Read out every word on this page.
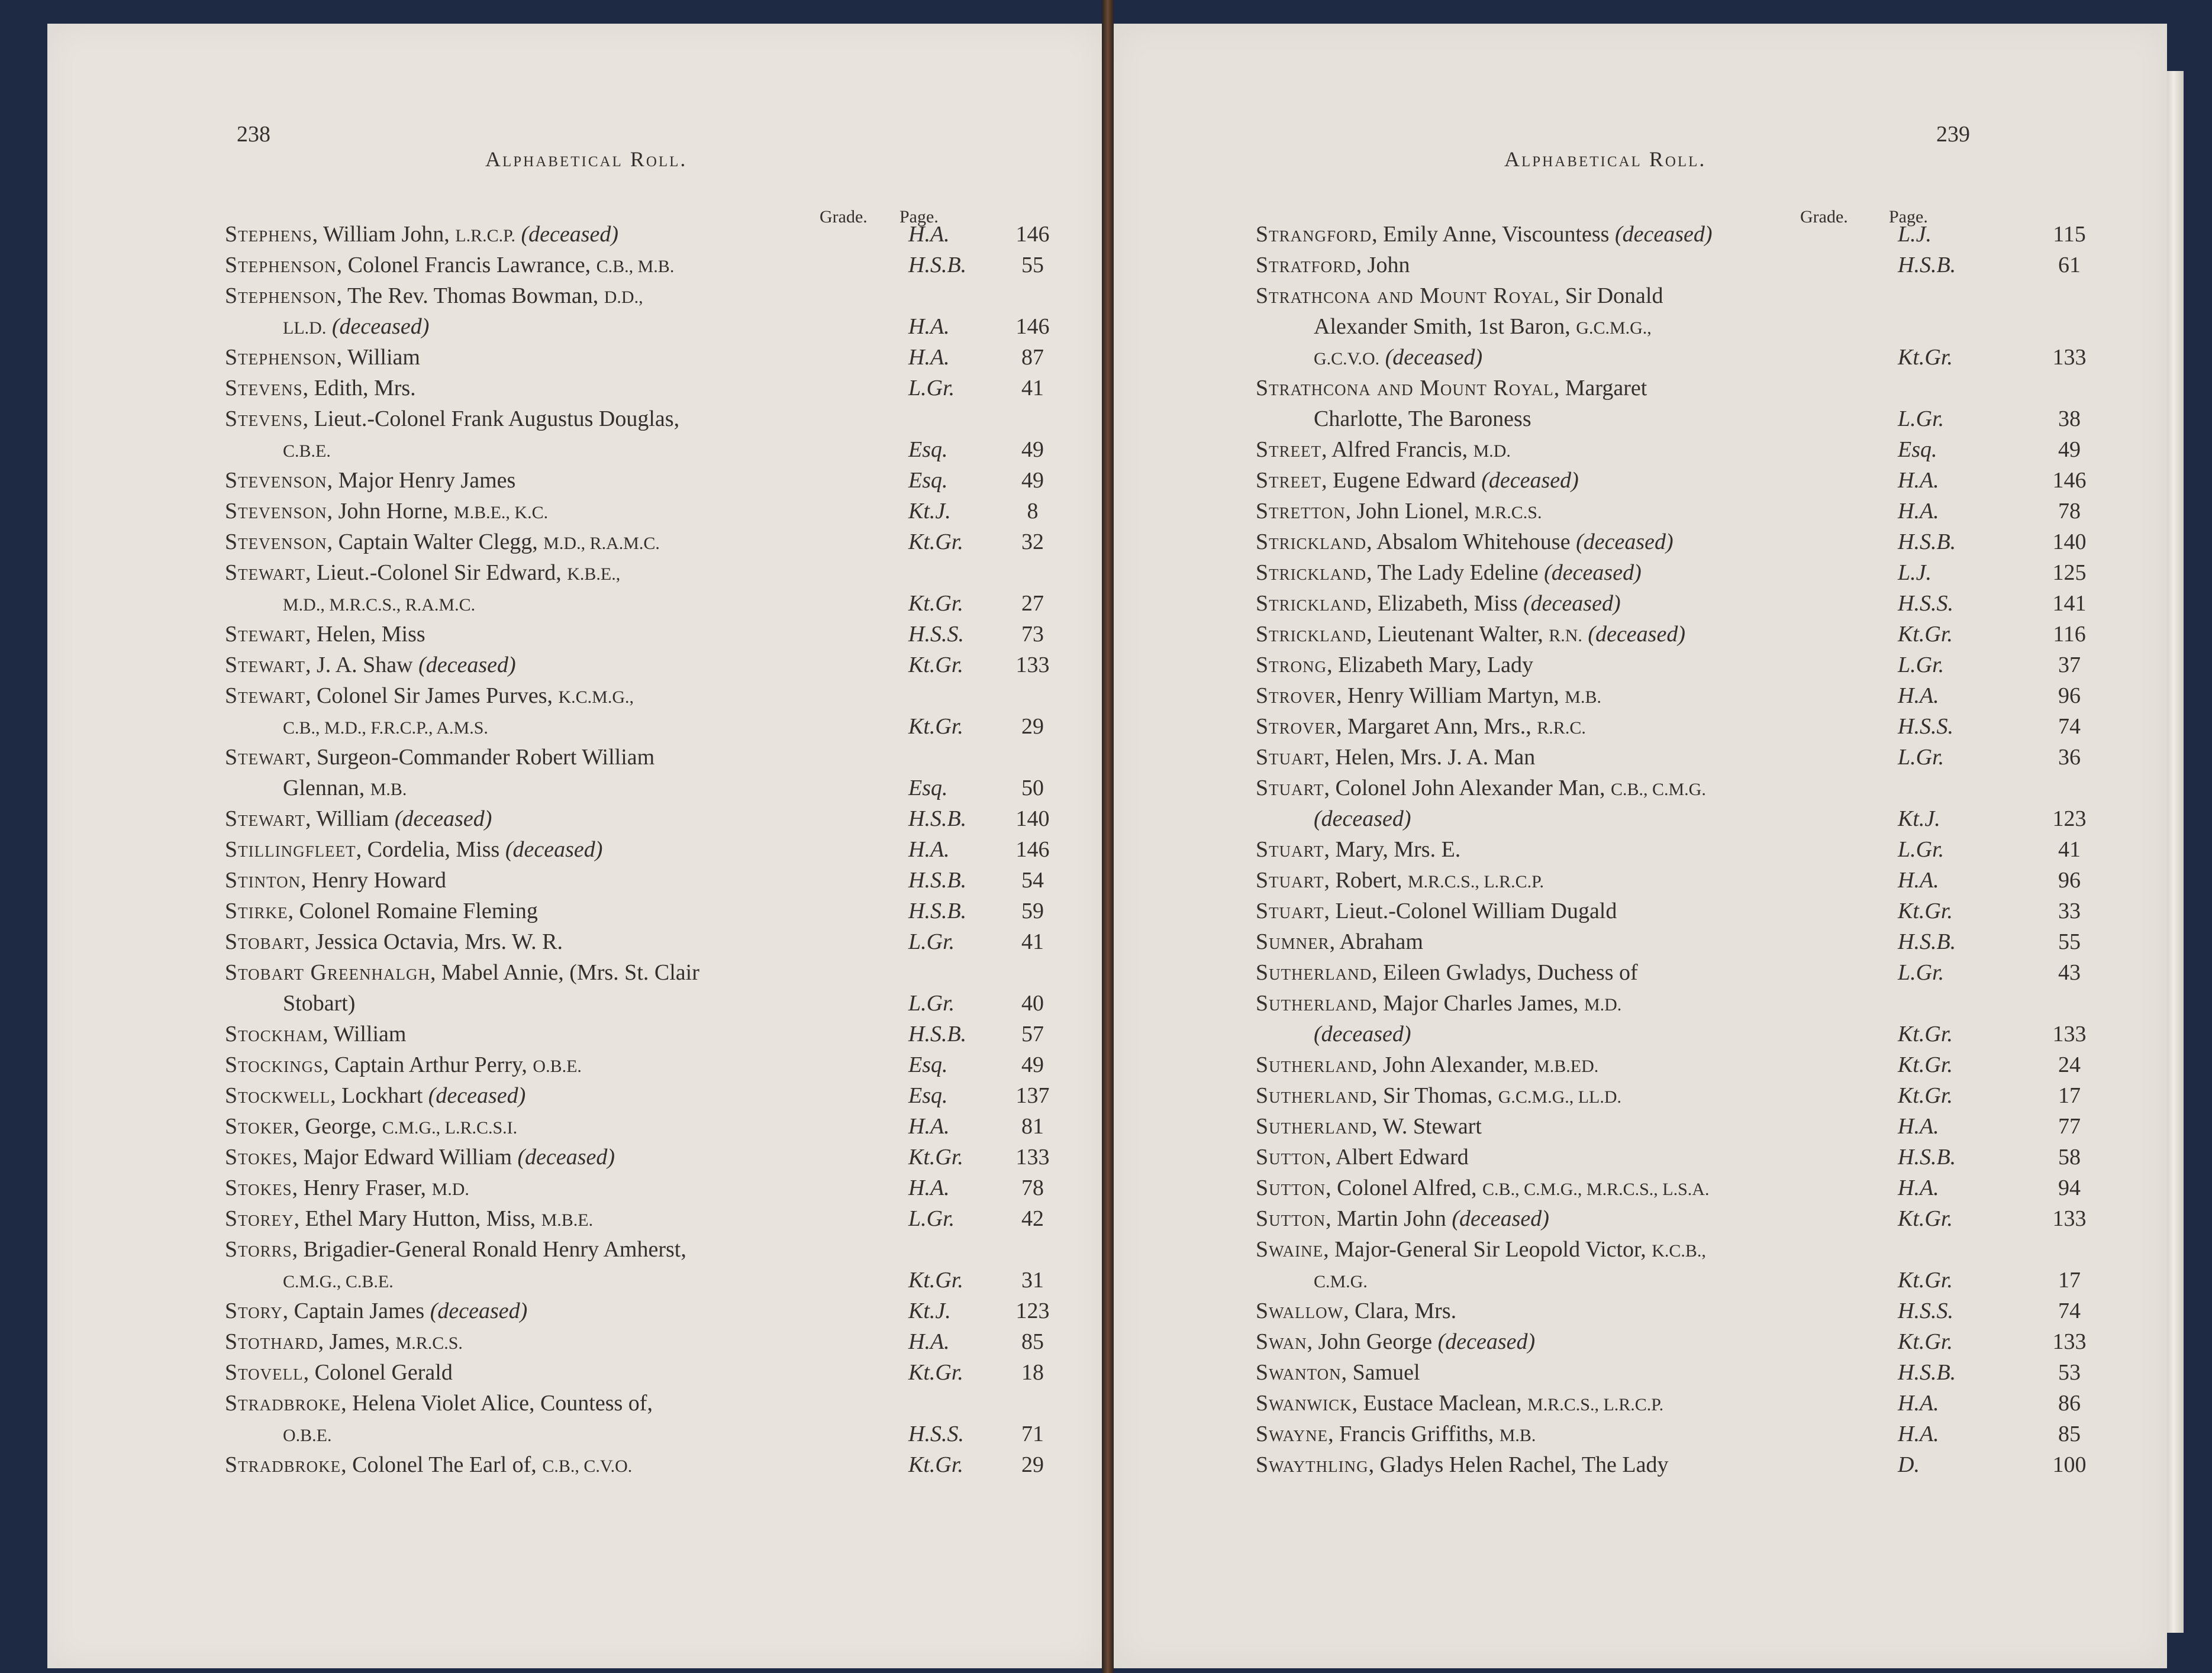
238
Alphabetical Roll.
Grade. Page.
Stephens, William John, L.R.C.P. (deceased)	H.A.	146
Stephenson, Colonel Francis Lawrance, C.B., M.B.	H.S.B.	55
Stephenson, The Rev. Thomas Bowman, D.D.,
LL.D. (deceased)	H.A.	146
Stephenson, William	H.A.	87
Stevens, Edith, Mrs.	L.Gr.	41
Stevens, Lieut.-Colonel Frank Augustus Douglas,
C.B.E.	Esq.	49
Stevenson, Major Henry James	Esq.	49
Stevenson, John Horne, M.B.E., K.C.	Kt.J.	8
Stevenson, Captain Walter Clegg, M.D., R.A.M.C.	Kt.Gr.	32
Stewart, Lieut.-Colonel Sir Edward, K.B.E.,
M.D., M.R.C.S., R.A.M.C.	Kt.Gr.	27
Stewart, Helen, Miss	H.S.S.	73
Stewart, J. A. Shaw (deceased)	Kt.Gr.	133
Stewart, Colonel Sir James Purves, K.C.M.G.,
C.B., M.D., F.R.C.P., A.M.S.	Kt.Gr.	29
Stewart, Surgeon-Commander Robert William
Glennan, M.B.	Esq.	50
Stewart, William (deceased)	H.S.B.	140
Stillingfleet, Cordelia, Miss (deceased)	H.A.	146
Stinton, Henry Howard	H.S.B.	54
Stirke, Colonel Romaine Fleming	H.S.B.	59
Stobart, Jessica Octavia, Mrs. W. R.	L.Gr.	41
Stobart Greenhalgh, Mabel Annie, (Mrs. St. Clair
Stobart)	L.Gr.	40
Stockham, William	H.S.B.	57
Stockings, Captain Arthur Perry, O.B.E.	Esq.	49
Stockwell, Lockhart (deceased)	Esq.	137
Stoker, George, C.M.G., L.R.C.S.I.	H.A.	81
Stokes, Major Edward William (deceased)	Kt.Gr.	133
Stokes, Henry Fraser, M.D.	H.A.	78
Storey, Ethel Mary Hutton, Miss, M.B.E.	L.Gr.	42
Storrs, Brigadier-General Ronald Henry Amherst,
C.M.G., C.B.E.	Kt.Gr.	31
Story, Captain James (deceased)	Kt.J.	123
Stothard, James, M.R.C.S.	H.A.	85
Stovell, Colonel Gerald	Kt.Gr.	18
Stradbroke, Helena Violet Alice, Countess of,
O.B.E.	H.S.S.	71
Stradbroke, Colonel The Earl of, C.B., C.V.O.	Kt.Gr.	29
Alphabetical Roll.
239
Grade. Page.
Strangford, Emily Anne, Viscountess (deceased)	L.J.	115
Stratford, John	H.S.B.	61
Strathcona and Mount Royal, Sir Donald
Alexander Smith, 1st Baron, G.C.M.G.,
G.C.V.O. (deceased)	Kt.Gr.	133
Strathcona and Mount Royal, Margaret
Charlotte, The Baroness	L.Gr.	38
Street, Alfred Francis, M.D.	Esq.	49
Street, Eugene Edward (deceased)	H.A.	146
Stretton, John Lionel, M.R.C.S.	H.A.	78
Strickland, Absalom Whitehouse (deceased)	H.S.B.	140
Strickland, The Lady Edeline (deceased)	L.J.	125
Strickland, Elizabeth, Miss (deceased)	H.S.S.	141
Strickland, Lieutenant Walter, R.N. (deceased)	Kt.Gr.	116
Strong, Elizabeth Mary, Lady	L.Gr.	37
Strover, Henry William Martyn, M.B.	H.A.	96
Strover, Margaret Ann, Mrs., R.R.C.	H.S.S.	74
Stuart, Helen, Mrs. J. A. Man	L.Gr.	36
Stuart, Colonel John Alexander Man, C.B., C.M.G.
(deceased)	Kt.J.	123
Stuart, Mary, Mrs. E.	L.Gr.	41
Stuart, Robert, M.R.C.S., L.R.C.P.	H.A.	96
Stuart, Lieut.-Colonel William Dugald	Kt.Gr.	33
Sumner, Abraham	H.S.B.	55
Sutherland, Eileen Gwladys, Duchess of	L.Gr.	43
Sutherland, Major Charles James, M.D.
(deceased)	Kt.Gr.	133
Sutherland, John Alexander, M.B.ED.	Kt.Gr.	24
Sutherland, Sir Thomas, G.C.M.G., LL.D.	Kt.Gr.	17
Sutherland, W. Stewart	H.A.	77
Sutton, Albert Edward	H.S.B.	58
Sutton, Colonel Alfred, C.B., C.M.G., M.R.C.S., L.S.A.	H.A.	94
Sutton, Martin John (deceased)	Kt.Gr.	133
Swaine, Major-General Sir Leopold Victor, K.C.B.,
C.M.G.	Kt.Gr.	17
Swallow, Clara, Mrs.	H.S.S.	74
Swan, John George (deceased)	Kt.Gr.	133
Swanton, Samuel	H.S.B.	53
Swanwick, Eustace Maclean, M.R.C.S., L.R.C.P.	H.A.	86
Swayne, Francis Griffiths, M.B.	H.A.	85
Swaythling, Gladys Helen Rachel, The Lady	D.	100
